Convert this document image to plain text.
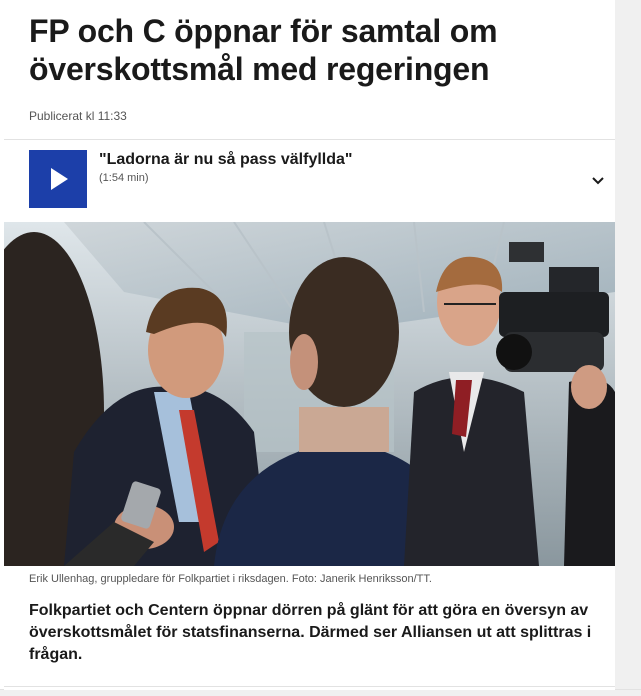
FP och C öppnar för samtal om överskottsmål med regeringen
Publicerat kl 11:33
"Ladorna är nu så pass välfyllda"
(1:54 min)
Erik Ullenhag, gruppledare för Folkpartiet i riksdagen. Foto: Janerik Henriksson/TT.

Folkpartiet och Centern öppnar dörren på glänt för att göra en översyn av överskottsmålet för statsfinanserna. Därmed ser Alliansen ut att splittras i frågan.
